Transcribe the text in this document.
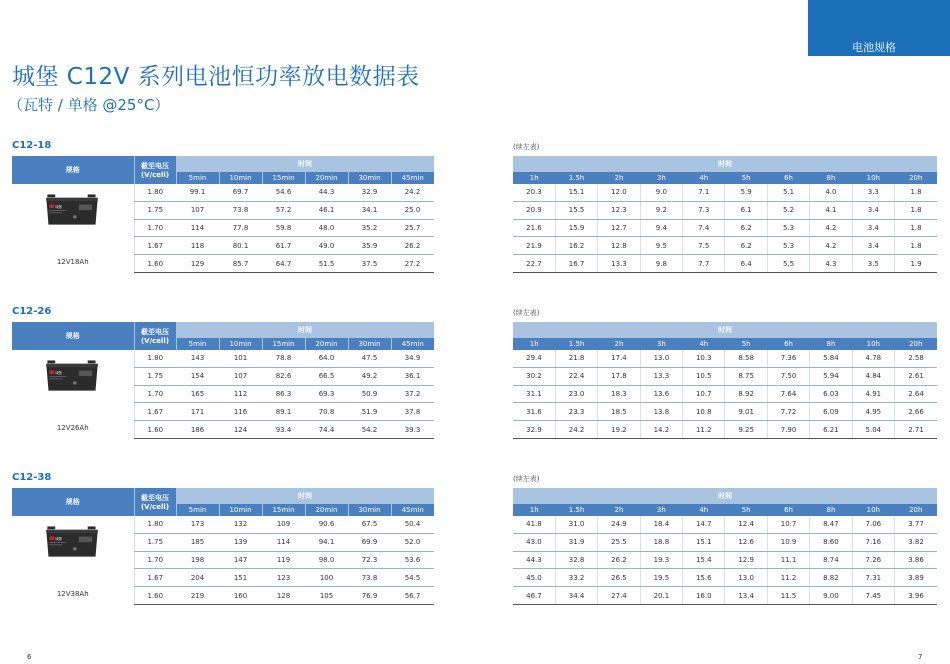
电池规格
城堡 C12V 系列电池恒功率放电数据表
（瓦特 / 单格 @25°C）
C12-18	(续左表)
规格	截至电压
(V/cell)	时间					
		5min	10min	15min	20min	30min	45min

城堡
12V18Ah	1.80	99.1	69.7	54.6	44.3	32.9	24.2
	1.75	107	73.8	57.2	46.1	34.1	25.0
	1.70	114	77.8	59.8	48.0	35.2	25.7
	1.67	118	80.1	61.7	49.0	35.9	26.2
	1.60	129	85.7	64.7	51.5	37.5	27.2
时间									
1h	1.5h	2h	3h	4h	5h	6h	8h	10h	20h
20.3	15.1	12.0	9.0	7.1	5.9	5.1	4.0	3.3	1.8
20.9	15.5	12.3	9.2	7.3	6.1	5.2	4.1	3.4	1.8
21.6	15.9	12.7	9.4	7.4	6.2	5.3	4.2	3.4	1.8
21.9	16.2	12.8	9.5	7.5	6.2	5.3	4.2	3.4	1.8
22.7	16.7	13.3	9.8	7.7	6.4	5.5	4.3	3.5	1.9
C12-26	(续左表)
规格	截至电压
(V/cell)	时间					
		5min	10min	15min	20min	30min	45min

城堡
12V26Ah	1.80	143	101	78.8	64.0	47.5	34.9
	1.75	154	107	82.6	66.5	49.2	36.1
	1.70	165	112	86.3	69.3	50.9	37.2
	1.67	171	116	89.1	70.8	51.9	37.8
	1.60	186	124	93.4	74.4	54.2	39.3
时间									
1h	1.5h	2h	3h	4h	5h	6h	8h	10h	20h
29.4	21.8	17.4	13.0	10.3	8.58	7.36	5.84	4.78	2.58
30.2	22.4	17.8	13.3	10.5	8.75	7.50	5.94	4.84	2.61
31.1	23.0	18.3	13.6	10.7	8.92	7.64	6.03	4.91	2.64
31.6	23.3	18.5	13.8	10.8	9.01	7.72	6.09	4.95	2.66
32.9	24.2	19.2	14.2	11.2	9.25	7.90	6.21	5.04	2.71
C12-38	(续左表)
规格	截至电压
(V/cell)	时间					
		5min	10min	15min	20min	30min	45min

城堡
12V38Ah	1.80	173	132	109	90.6	67.5	50.4
	1.75	185	139	114	94.1	69.9	52.0
	1.70	198	147	119	98.0	72.3	53.6
	1.67	204	151	123	100	73.8	54.5
	1.60	219	160	128	105	76.9	56.7
时间									
1h	1.5h	2h	3h	4h	5h	6h	8h	10h	20h
41.8	31.0	24.9	18.4	14.7	12.4	10.7	8.47	7.06	3.77
43.0	31.9	25.5	18.8	15.1	12.6	10.9	8.60	7.16	3.82
44.3	32.8	26.2	19.3	15.4	12.9	11.1	8.74	7.26	3.86
45.0	33.2	26.5	19.5	15.6	13.0	11.2	8.82	7.31	3.89
46.7	34.4	27.4	20.1	16.0	13.4	11.5	9.00	7.45	3.96
6	7
